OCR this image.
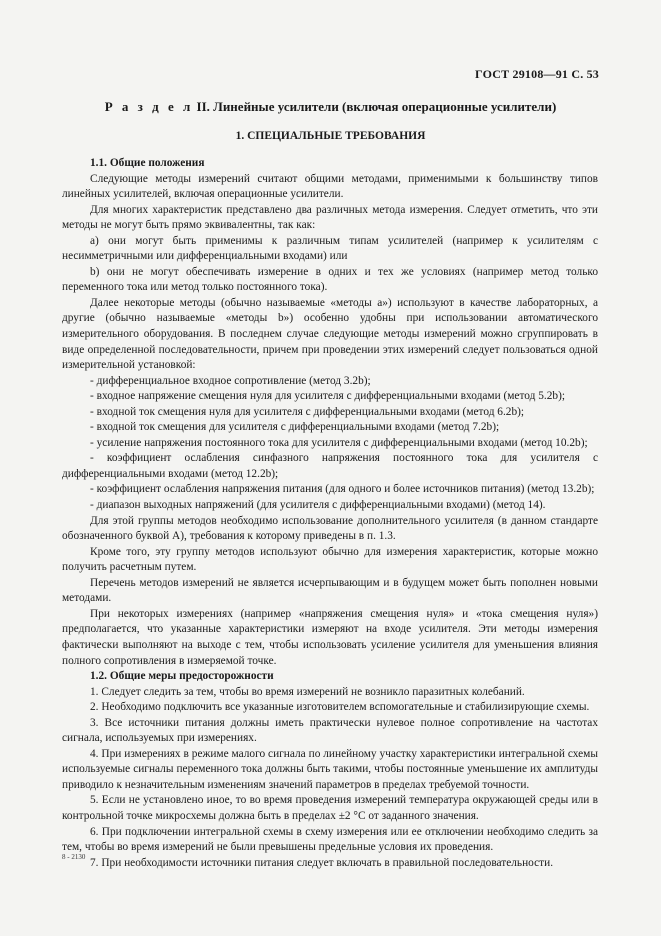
ГОСТ 29108—91 С. 53
Р а з д е л II. Линейные усилители (включая операционные усилители)
1. СПЕЦИАЛЬНЫЕ ТРЕБОВАНИЯ

1.1. Общие положения

Следующие методы измерений считают общими методами, применимыми к большинству типов линейных усилителей, включая операционные усилители.

Для многих характеристик представлено два различных метода измерения. Следует отметить, что эти методы не могут быть прямо эквивалентны, так как:

a) они могут быть применимы к различным типам усилителей (например к усилителям с несимметричными или дифференциальными входами) или

b) они не могут обеспечивать измерение в одних и тех же условиях (например метод только переменного тока или метод только постоянного тока).

Далее некоторые методы (обычно называемые «методы a») используют в качестве лабораторных, а другие (обычно называемые «методы b») особенно удобны при использовании автоматического измерительного оборудования. В последнем случае следующие методы измерений можно сгруппировать в виде определенной последовательности, причем при проведении этих измерений следует пользоваться одной измерительной установкой:

- дифференциальное входное сопротивление (метод 3.2b);

- входное напряжение смещения нуля для усилителя с дифференциальными входами (метод 5.2b);

- входной ток смещения нуля для усилителя с дифференциальными входами (метод 6.2b);

- входной ток смещения для усилителя с дифференциальными входами (метод 7.2b);

- усиление напряжения постоянного тока для усилителя с дифференциальными входами (метод 10.2b);

- коэффициент ослабления синфазного напряжения постоянного тока для усилителя с дифференциальными входами (метод 12.2b);

- коэффициент ослабления напряжения питания (для одного и более источников питания) (метод 13.2b);

- диапазон выходных напряжений (для усилителя с дифференциальными входами) (метод 14).

Для этой группы методов необходимо использование дополнительного усилителя (в данном стандарте обозначенного буквой А), требования к которому приведены в п. 1.3.

Кроме того, эту группу методов используют обычно для измерения характеристик, которые можно получить расчетным путем.

Перечень методов измерений не является исчерпывающим и в будущем может быть пополнен новыми методами.

При некоторых измерениях (например «напряжения смещения нуля» и «тока смещения нуля») предполагается, что указанные характеристики измеряют на входе усилителя. Эти методы измерения фактически выполняют на выходе с тем, чтобы использовать усиление усилителя для уменьшения влияния полного сопротивления в измеряемой точке.

1.2. Общие меры предосторожности

1. Следует следить за тем, чтобы во время измерений не возникло паразитных колебаний.

2. Необходимо подключить все указанные изготовителем вспомогательные и стабилизирующие схемы.

3. Все источники питания должны иметь практически нулевое полное сопротивление на частотах сигнала, используемых при измерениях.

4. При измерениях в режиме малого сигнала по линейному участку характеристики интегральной схемы используемые сигналы переменного тока должны быть такими, чтобы постоянные уменьшение их амплитуды приводило к незначительным изменениям значений параметров в пределах требуемой точности.

5. Если не установлено иное, то во время проведения измерений температура окружающей среды или в контрольной точке микросхемы должна быть в пределах ±2 °С от заданного значения.

6. При подключении интегральной схемы в схему измерения или ее отключении необходимо следить за тем, чтобы во время измерений не были превышены предельные условия их проведения.

7. При необходимости источники питания следует включать в правильной последовательности.

8 - 2130
